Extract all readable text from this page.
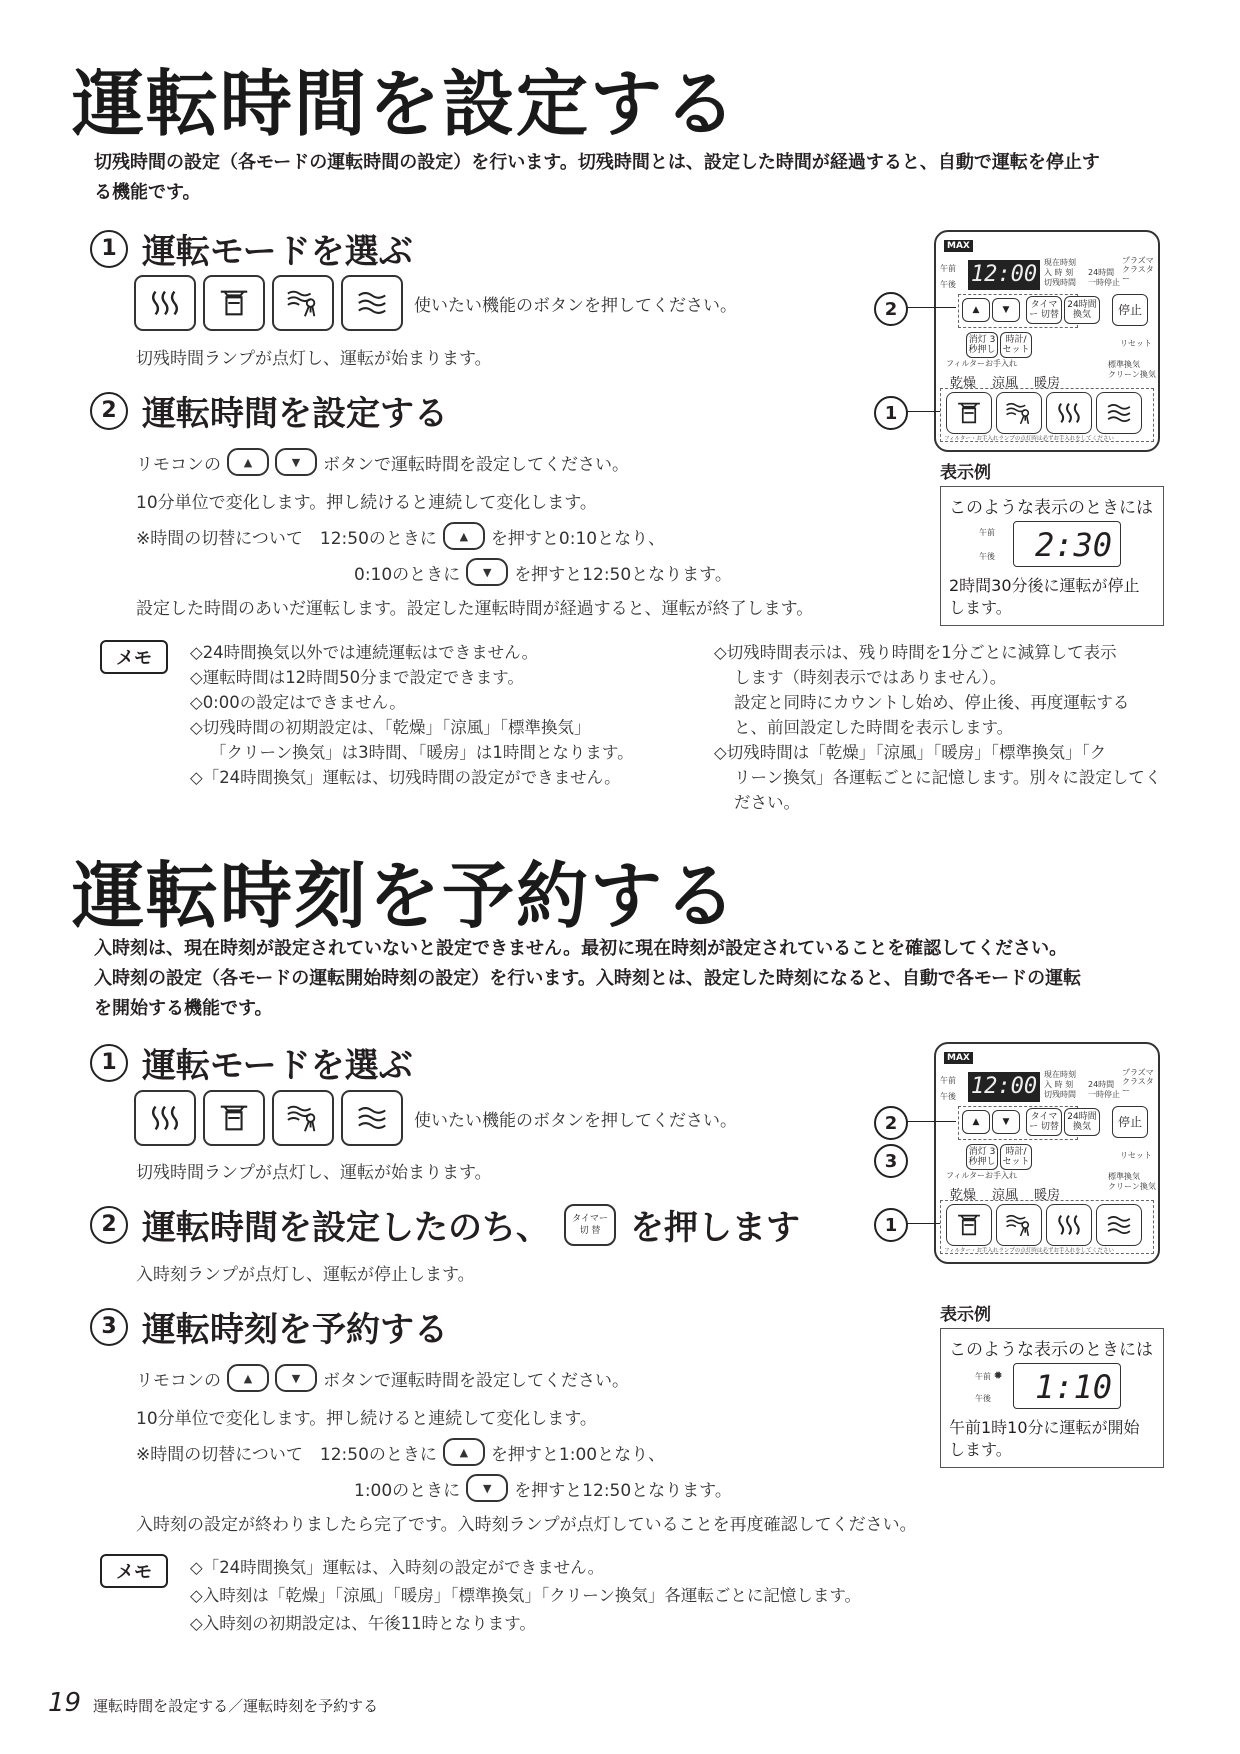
運転時間を設定する
切残時間の設定（各モードの運転時間の設定）を行います。切残時間とは、設定した時間が経過すると、自動で運転を停止す
る機能です。
1 運転モードを選ぶ
使いたい機能のボタンを押してください。
切残時間ランプが点灯し、運転が始まります。
2 運転時間を設定する
リモコンの	▲	▼	ボタンで運転時間を設定してください。
10分単位で変化します。押し続けると連続して変化します。
※時間の切替について　12:50のときに	▲	を押すと0:10となり、
0:10のときに	▼	を押すと12:50となります。
設定した時間のあいだ運転します。設定した運転時間が経過すると、運転が終了します。
MAX
午前
午後 12:00 現在時刻
入 時 刻
切残時間
24時間
一時停止
プラズマ クラスター
▲	▼	タイマー 切替
24時間 換気	停止
消灯 3秒押し
時計/ セット
リセット
フィルターお手入れ	標準換気
クリーン換気
乾燥 涼風 暖房
フィルター・お手入れランプの点灯時は必ずお手入れをしてください
2
1
表示例
このような表示のときには
午前
午後	2:30
2時間30分後に運転が停止
します。
メモ	◇24時間換気以外では連続運転はできません。
◇運転時間は12時間50分まで設定できます。
◇0:00の設定はできません。
◇切残時間の初期設定は、「乾燥」「涼風」「標準換気」
「クリーン換気」は3時間、「暖房」は1時間となります。
◇「24時間換気」運転は、切残時間の設定ができません。
◇切残時間表示は、残り時間を1分ごとに減算して表示
します（時刻表示ではありません）。
設定と同時にカウントし始め、停止後、再度運転する
と、前回設定した時間を表示します。
◇切残時間は「乾燥」「涼風」「暖房」「標準換気」「ク
リーン換気」各運転ごとに記憶します。別々に設定してく
ださい。
運転時刻を予約する
入時刻は、現在時刻が設定されていないと設定できません。最初に現在時刻が設定されていることを確認してください。
入時刻の設定（各モードの運転開始時刻の設定）を行います。入時刻とは、設定した時刻になると、自動で各モードの運転
を開始する機能です。
1 運転モードを選ぶ
使いたい機能のボタンを押してください。
切残時間ランプが点灯し、運転が始まります。
2 運転時間を設定したのち、 タイマー
切 替 を押します
入時刻ランプが点灯し、運転が停止します。
3 運転時刻を予約する
リモコンの	▲	▼	ボタンで運転時間を設定してください。
10分単位で変化します。押し続けると連続して変化します。
※時間の切替について　12:50のときに	▲	を押すと1:00となり、
1:00のときに	▼	を押すと12:50となります。
入時刻の設定が終わりましたら完了です。入時刻ランプが点灯していることを再度確認してください。
MAX
午前
午後 12:00 現在時刻
入 時 刻
切残時間
24時間
一時停止
プラズマ クラスター
▲	▼	タイマー 切替
24時間 換気	停止
消灯 3秒押し
時計/ セット
リセット
フィルターお手入れ	標準換気
クリーン換気
乾燥 涼風 暖房
フィルター・お手入れランプの点灯時は必ずお手入れをしてください
2
3
1
表示例
このような表示のときには
午前 ✹
午後	1:10
午前1時10分に運転が開始
します。
メモ	◇「24時間換気」運転は、入時刻の設定ができません。
◇入時刻は「乾燥」「涼風」「暖房」「標準換気」「クリーン換気」各運転ごとに記憶します。
◇入時刻の初期設定は、午後11時となります。
19 運転時間を設定する／運転時刻を予約する
